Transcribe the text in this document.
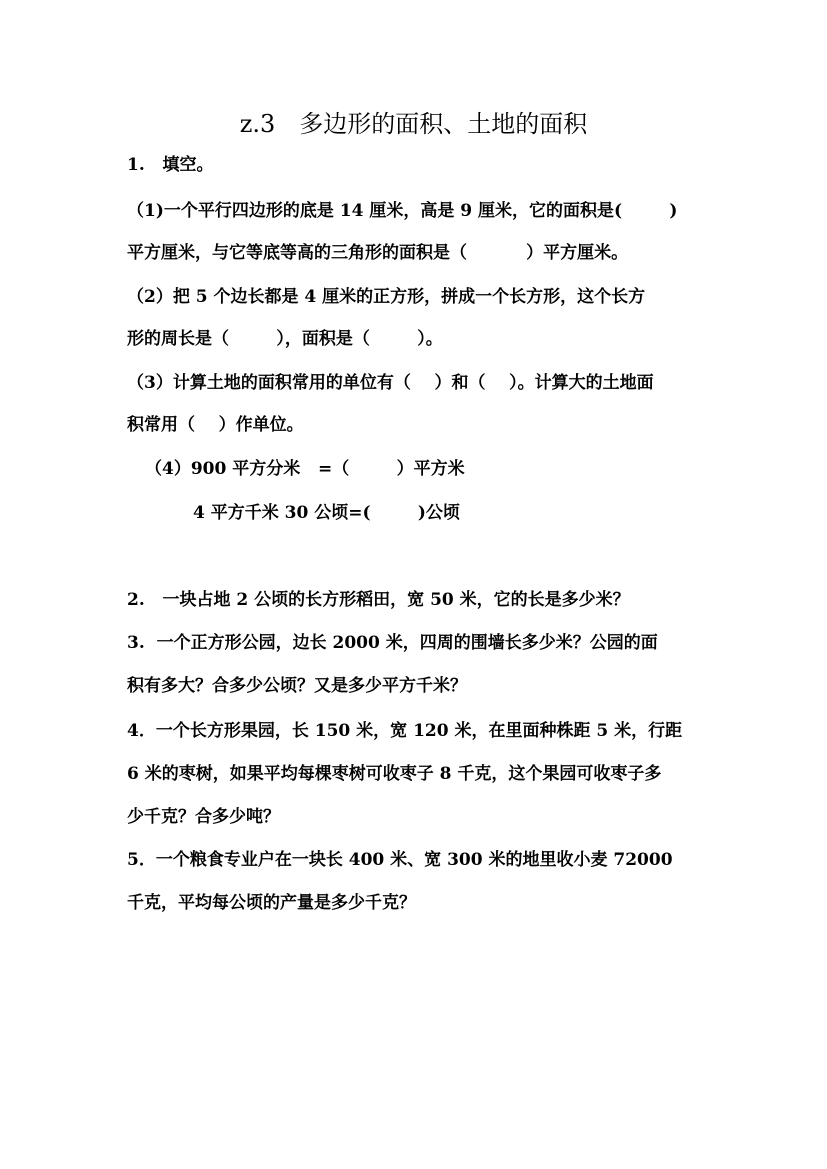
z.3　多边形的面积、土地的面积
1.   填空。
（1)一个平行四边形的底是 14 厘米，高是 9 厘米，它的面积是(        )
平方厘米，与它等底等高的三角形的面积是（          ）平方厘米。
（2）把 5 个边长都是 4 厘米的正方形，拼成一个长方形，这个长方
形的周长是（        ），面积是（        ）。
（3）计算土地的面积常用的单位有（    ）和（    ）。计算大的土地面
积常用（    ）作单位。
（4）900 平方分米   =（        ）平方米
4 平方千米 30 公顷=(        )公顷
2.   一块占地 2 公顷的长方形稻田，宽 50 米，它的长是多少米？
3.  一个正方形公园，边长 2000 米，四周的围墙长多少米？公园的面
积有多大？合多少公顷？又是多少平方千米？
4．一个长方形果园，长 150 米，宽 120 米，在里面种株距 5 米，行距
6 米的枣树，如果平均每棵枣树可收枣子 8 千克，这个果园可收枣子多
少千克？合多少吨？
5．一个粮食专业户在一块长 400 米、宽 300 米的地里收小麦 72000
千克，平均每公顷的产量是多少千克？
